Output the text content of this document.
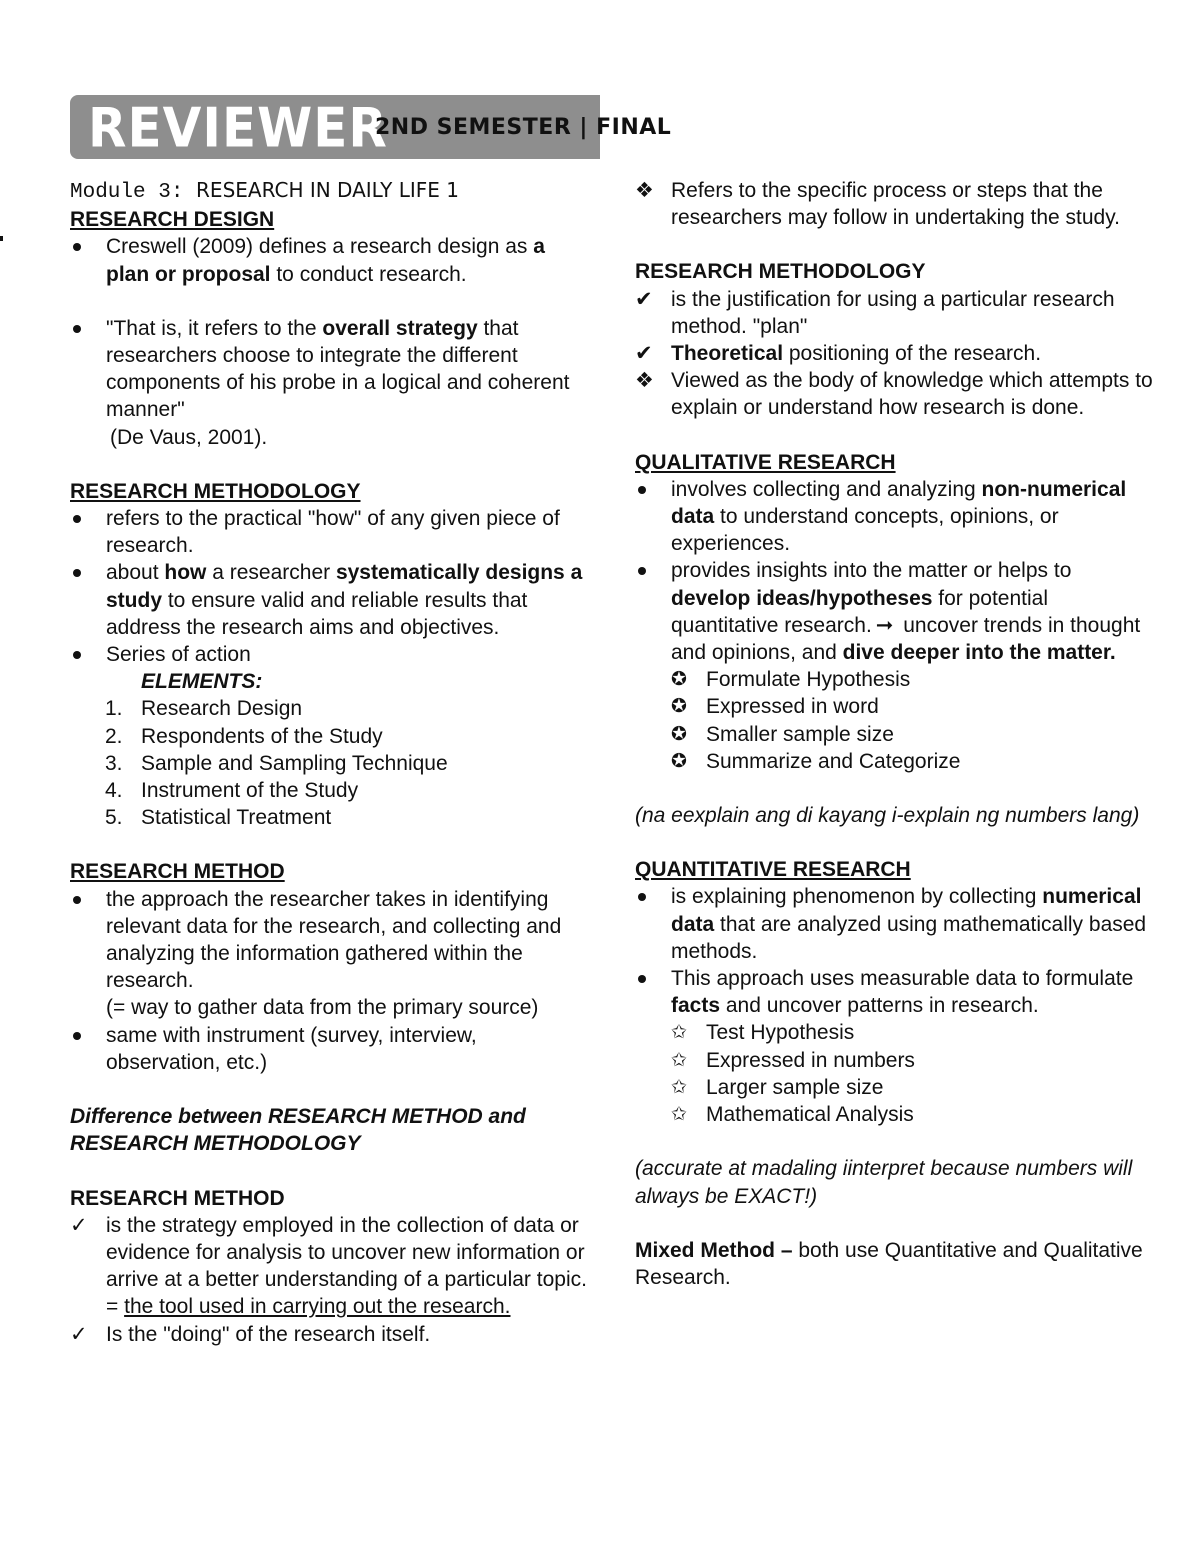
REVIEWER
2ND SEMESTER | FINAL
Module 3: RESEARCH IN DAILY LIFE 1
RESEARCH DESIGN
Creswell (2009) defines a research design as a plan or proposal to conduct research.
"That is, it refers to the overall strategy that researchers choose to integrate the different components of his probe in a logical and coherent manner"
(De Vaus, 2001).
RESEARCH METHODOLOGY
refers to the practical "how" of any given piece of research.
about how a researcher systematically designs a study to ensure valid and reliable results that address the research aims and objectives.
Series of action
ELEMENTS:
1. Research Design
2. Respondents of the Study
3. Sample and Sampling Technique
4. Instrument of the Study
5. Statistical Treatment
RESEARCH METHOD
the approach the researcher takes in identifying relevant data for the research, and collecting and analyzing the information gathered within the research.
(= way to gather data from the primary source)
same with instrument (survey, interview, observation, etc.)
Difference between RESEARCH METHOD and RESEARCH METHODOLOGY
RESEARCH METHOD
✓ is the strategy employed in the collection of data or evidence for analysis to uncover new information or arrive at a better understanding of a particular topic.
= the tool used in carrying out the research.
✓ Is the "doing" of the research itself.
❖ Refers to the specific process or steps that the researchers may follow in undertaking the study.
RESEARCH METHODOLOGY
✔ is the justification for using a particular research method. "plan"
✔ Theoretical positioning of the research.
❖ Viewed as the body of knowledge which attempts to explain or understand how research is done.
QUALITATIVE RESEARCH
involves collecting and analyzing non-numerical data to understand concepts, opinions, or experiences.
provides insights into the matter or helps to develop ideas/hypotheses for potential quantitative research. ➞ uncover trends in thought and opinions, and dive deeper into the matter.
✪ Formulate Hypothesis
✪ Expressed in word
✪ Smaller sample size
✪ Summarize and Categorize
(na eexplain ang di kayang i-explain ng numbers lang)
QUANTITATIVE RESEARCH
is explaining phenomenon by collecting numerical data that are analyzed using mathematically based methods.
This approach uses measurable data to formulate facts and uncover patterns in research.
✩ Test Hypothesis
✩ Expressed in numbers
✩ Larger sample size
✩ Mathematical Analysis
(accurate at madaling iinterpret because numbers will always be EXACT!)
Mixed Method – both use Quantitative and Qualitative Research.
